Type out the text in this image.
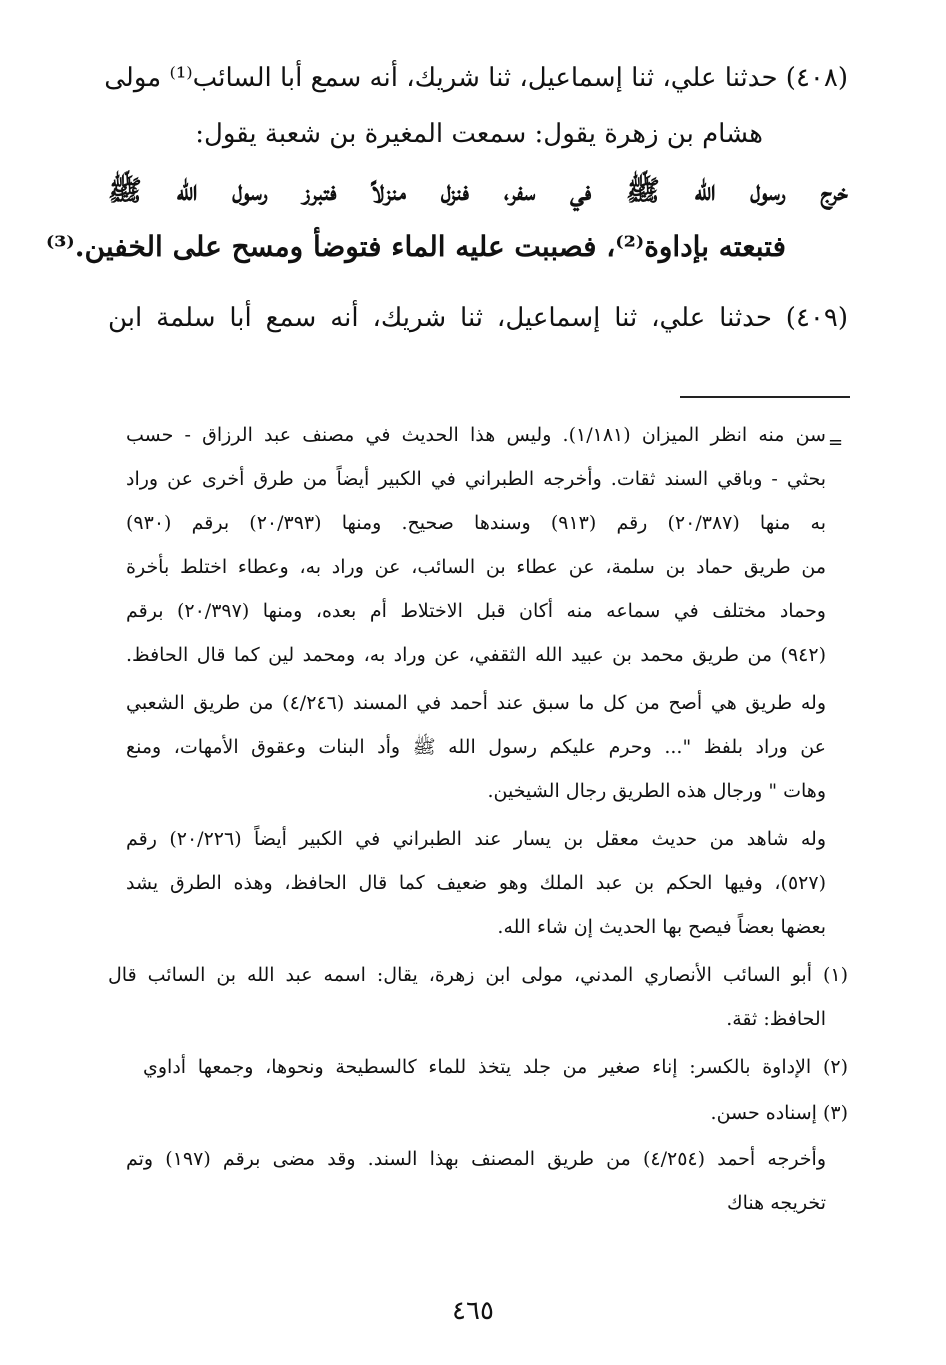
(٤٠٨) حدثنا علي، ثنا إسماعيل، ثنا شريك، أنه سمع أبا السائب⁽¹⁾ مولى
هشام بن زهرة يقول: سمعت المغيرة بن شعبة يقول:
خرج رسول الله ﷺ في سفر، فنزل منزلاً فتبرز رسول الله ﷺ
فتبعته بإداوة⁽²⁾، فصببت عليه الماء فتوضأ ومسح على الخفين.⁽³⁾
(٤٠٩) حدثنا علي، ثنا إسماعيل، ثنا شريك، أنه سمع أبا سلمة ابن
=
سن منه انظر الميزان (١/١٨١). وليس هذا الحديث في مصنف عبد الرزاق - حسب
بحثي - وباقي السند ثقات. وأخرجه الطبراني في الكبير أيضاً من طرق أخرى عن وراد
به منها (٢٠/٣٨٧) رقم (٩١٣) وسندها صحيح. ومنها (٢٠/٣٩٣) برقم (٩٣٠)
من طريق حماد بن سلمة، عن عطاء بن السائب، عن وراد به، وعطاء اختلط بأخرة
وحماد مختلف في سماعه منه أكان قبل الاختلاط أم بعده، ومنها (٢٠/٣٩٧) برقم
(٩٤٢) من طريق محمد بن عبيد الله الثقفي، عن وراد به، ومحمد لين كما قال الحافظ.
وله طريق هي أصح من كل ما سبق عند أحمد في المسند (٤/٢٤٦) من طريق الشعبي
عن وراد بلفظ "... وحرم عليكم رسول الله ﷺ وأد البنات وعقوق الأمهات، ومنع
وهات " ورجال هذه الطريق رجال الشيخين.
وله شاهد من حديث معقل بن يسار عند الطبراني في الكبير أيضاً (٢٠/٢٢٦) رقم
(٥٢٧)، وفيها الحكم بن عبد الملك وهو ضعيف كما قال الحافظ، وهذه الطرق يشد
بعضها بعضاً فيصح بها الحديث إن شاء الله.
(١) أبو السائب الأنصاري المدني، مولى ابن زهرة، يقال: اسمه عبد الله بن السائب قال
الحافظ: ثقة.
(٢) الإداوة بالكسر: إناء صغير من جلد يتخذ للماء كالسطيحة ونحوها، وجمعها أداوي
(٣) إسناده حسن.
وأخرجه أحمد (٤/٢٥٤) من طريق المصنف بهذا السند. وقد مضى برقم (١٩٧) وتم
تخريجه هناك
٤٦٥
